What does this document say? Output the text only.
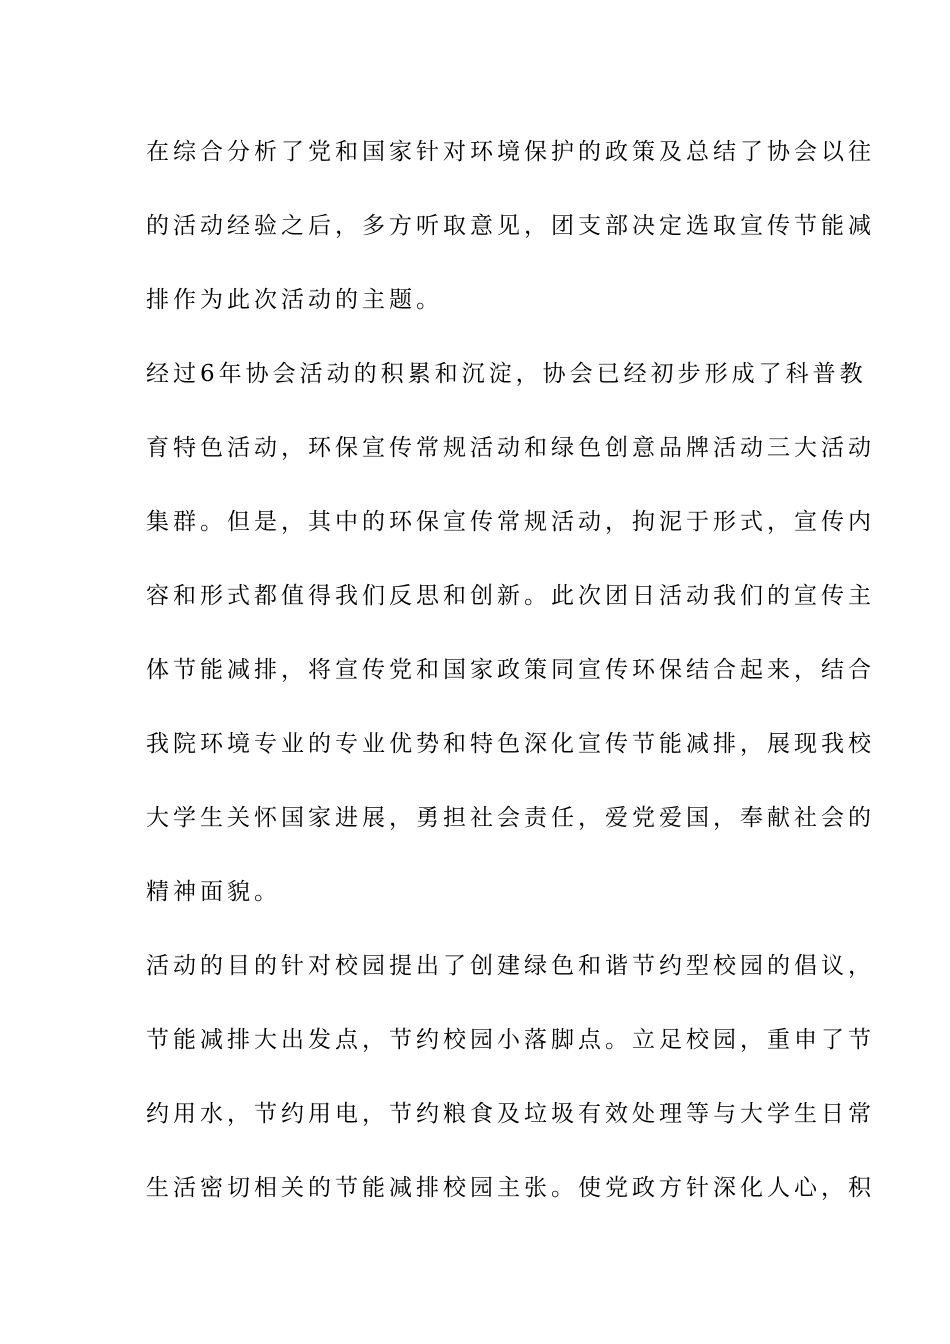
在综合分析了党和国家针对环境保护的政策及总结了协会以往
的活动经验之后，多方听取意见，团支部决定选取宣传节能减
排作为此次活动的主题。
经过6年协会活动的积累和沉淀，协会已经初步形成了科普教
育特色活动，环保宣传常规活动和绿色创意品牌活动三大活动
集群。但是，其中的环保宣传常规活动，拘泥于形式，宣传内
容和形式都值得我们反思和创新。此次团日活动我们的宣传主
体节能减排，将宣传党和国家政策同宣传环保结合起来，结合
我院环境专业的专业优势和特色深化宣传节能减排，展现我校
大学生关怀国家进展，勇担社会责任，爱党爱国，奉献社会的
精神面貌。
活动的目的针对校园提出了创建绿色和谐节约型校园的倡议，
节能减排大出发点，节约校园小落脚点。立足校园，重申了节
约用水，节约用电，节约粮食及垃圾有效处理等与大学生日常
生活密切相关的节能减排校园主张。使党政方针深化人心，积
